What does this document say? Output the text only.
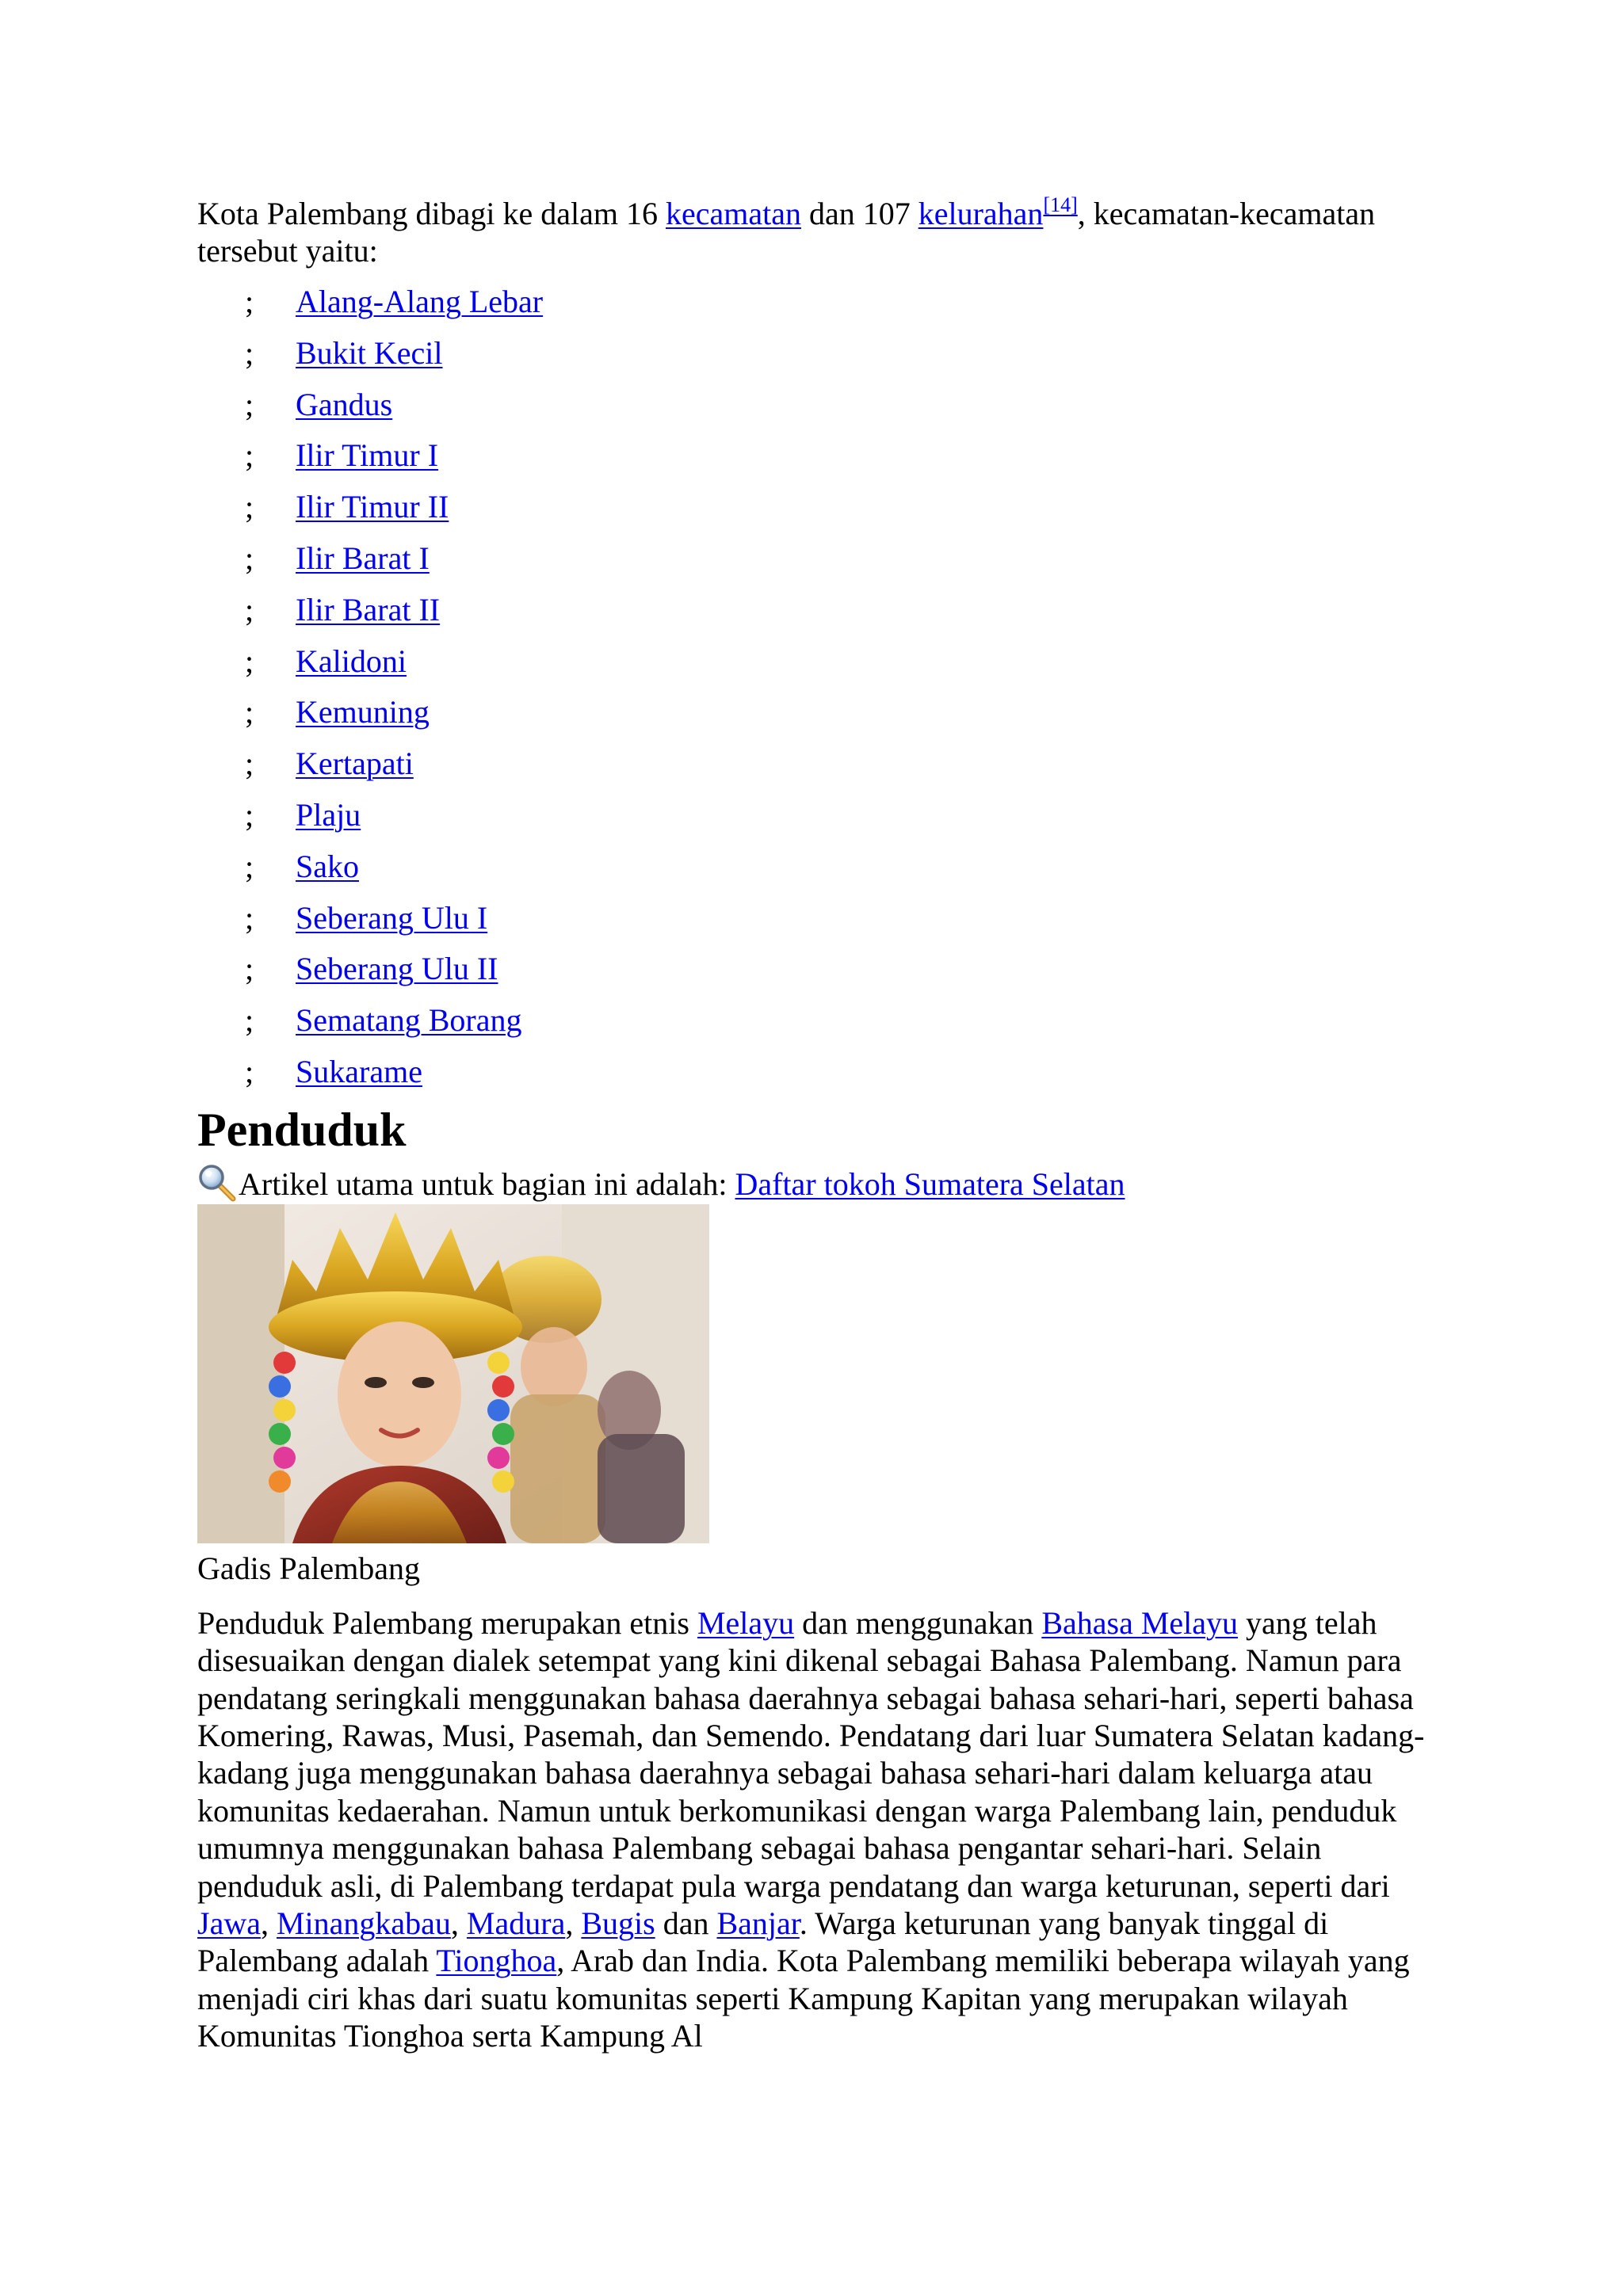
Kota Palembang dibagi ke dalam 16 kecamatan dan 107 kelurahan[14], kecamatan-kecamatan tersebut yaitu:

;	Alang-Alang Lebar
;	Bukit Kecil
;	Gandus
;	Ilir Timur I
;	Ilir Timur II
;	Ilir Barat I
;	Ilir Barat II
;	Kalidoni
;	Kemuning
;	Kertapati
;	Plaju
;	Sako
;	Seberang Ulu I
;	Seberang Ulu II
;	Sematang Borang
;	Sukarame
Penduduk
Artikel utama untuk bagian ini adalah: Daftar tokoh Sumatera Selatan

Gadis Palembang

Penduduk Palembang merupakan etnis Melayu dan menggunakan Bahasa Melayu yang telah disesuaikan dengan dialek setempat yang kini dikenal sebagai Bahasa Palembang. Namun para pendatang seringkali menggunakan bahasa daerahnya sebagai bahasa sehari-hari, seperti bahasa Komering, Rawas, Musi, Pasemah, dan Semendo. Pendatang dari luar Sumatera Selatan kadang-kadang juga menggunakan bahasa daerahnya sebagai bahasa sehari-hari dalam keluarga atau komunitas kedaerahan. Namun untuk berkomunikasi dengan warga Palembang lain, penduduk umumnya menggunakan bahasa Palembang sebagai bahasa pengantar sehari-hari. Selain penduduk asli, di Palembang terdapat pula warga pendatang dan warga keturunan, seperti dari Jawa, Minangkabau, Madura, Bugis dan Banjar. Warga keturunan yang banyak tinggal di Palembang adalah Tionghoa, Arab dan India. Kota Palembang memiliki beberapa wilayah yang menjadi ciri khas dari suatu komunitas seperti Kampung Kapitan yang merupakan wilayah Komunitas Tionghoa serta Kampung Al
